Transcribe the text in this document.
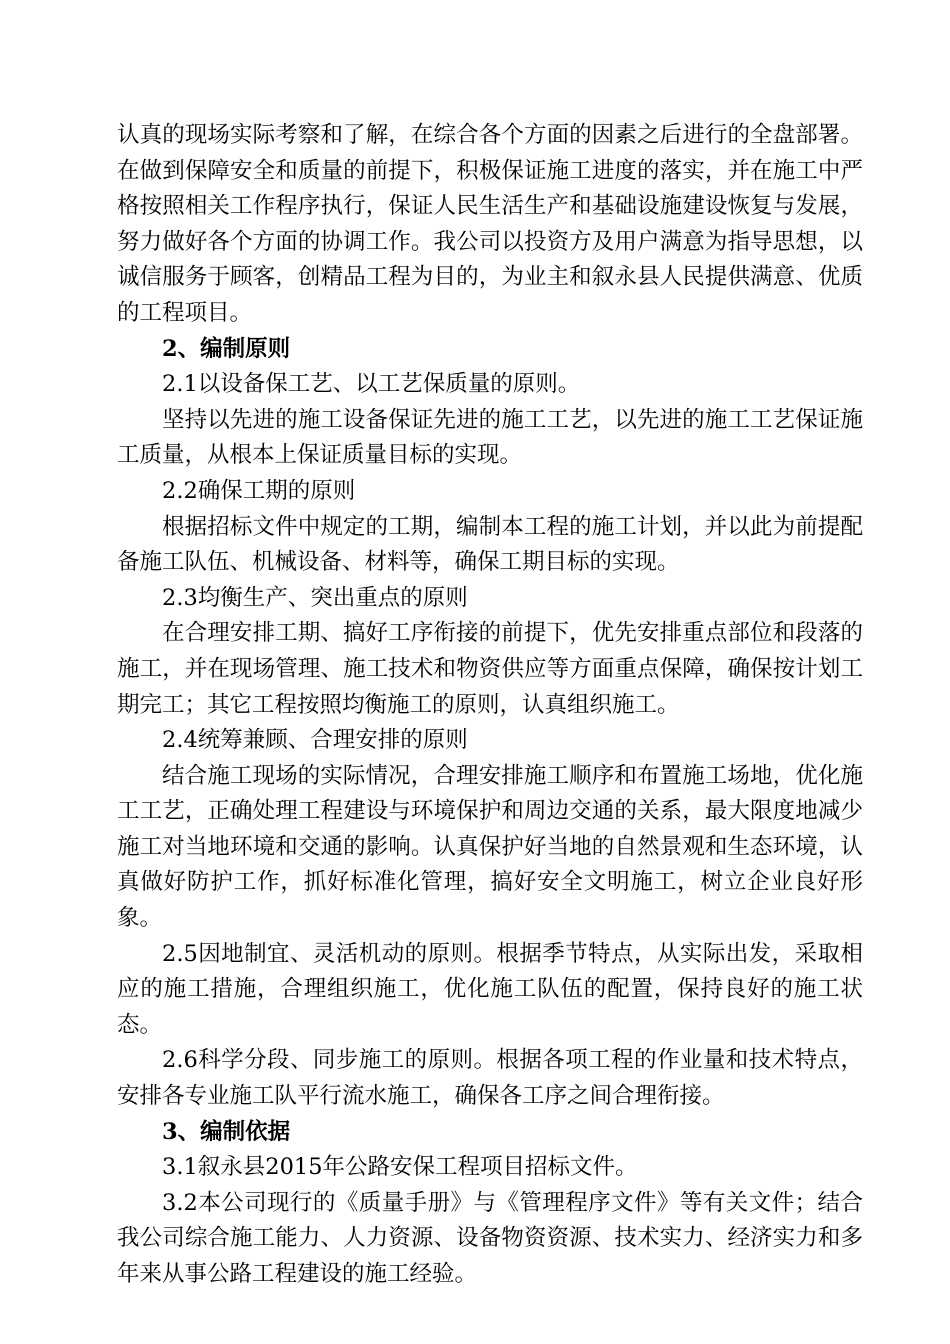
认真的现场实际考察和了解，在综合各个方面的因素之后进行的全盘部署。在做到保障安全和质量的前提下，积极保证施工进度的落实，并在施工中严格按照相关工作程序执行，保证人民生活生产和基础设施建设恢复与发展，努力做好各个方面的协调工作。我公司以投资方及用户满意为指导思想，以诚信服务于顾客，创精品工程为目的，为业主和叙永县人民提供满意、优质的工程项目。

2、编制原则

2.1以设备保工艺、以工艺保质量的原则。

坚持以先进的施工设备保证先进的施工工艺，以先进的施工工艺保证施工质量，从根本上保证质量目标的实现。

2.2确保工期的原则

根据招标文件中规定的工期，编制本工程的施工计划，并以此为前提配备施工队伍、机械设备、材料等，确保工期目标的实现。

2.3均衡生产、突出重点的原则

在合理安排工期、搞好工序衔接的前提下，优先安排重点部位和段落的施工，并在现场管理、施工技术和物资供应等方面重点保障，确保按计划工期完工；其它工程按照均衡施工的原则，认真组织施工。

2.4统筹兼顾、合理安排的原则

结合施工现场的实际情况，合理安排施工顺序和布置施工场地，优化施工工艺，正确处理工程建设与环境保护和周边交通的关系，最大限度地减少施工对当地环境和交通的影响。认真保护好当地的自然景观和生态环境，认真做好防护工作，抓好标准化管理，搞好安全文明施工，树立企业良好形象。

2.5因地制宜、灵活机动的原则。根据季节特点，从实际出发，采取相应的施工措施，合理组织施工，优化施工队伍的配置，保持良好的施工状态。

2.6科学分段、同步施工的原则。根据各项工程的作业量和技术特点，安排各专业施工队平行流水施工，确保各工序之间合理衔接。

3、编制依据

3.1叙永县2015年公路安保工程项目招标文件。

3.2本公司现行的《质量手册》与《管理程序文件》等有关文件；结合我公司综合施工能力、人力资源、设备物资资源、技术实力、经济实力和多年来从事公路工程建设的施工经验。
